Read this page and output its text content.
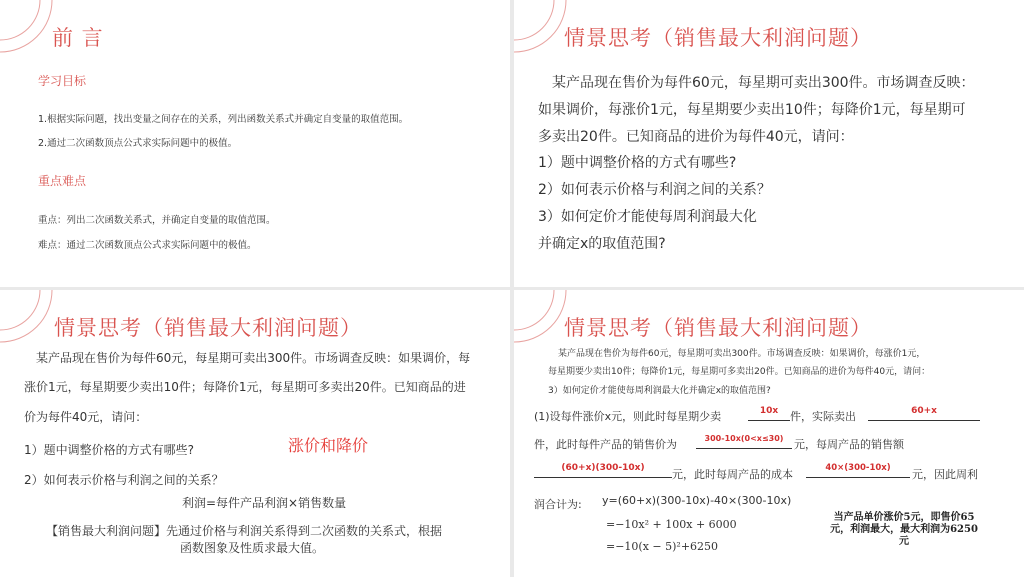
前 言
学习目标
1.根据实际问题，找出变量之间存在的关系，列出函数关系式并确定自变量的取值范围。
2.通过二次函数顶点公式求实际问题中的极值。
重点难点
重点：列出二次函数关系式，并确定自变量的取值范围。
难点：通过二次函数顶点公式求实际问题中的极值。
情景思考（销售最大利润问题）
某产品现在售价为每件60元，每星期可卖出300件。市场调查反映：
如果调价，每涨价1元，每星期要少卖出10件；每降价1元，每星期可
多卖出20件。已知商品的进价为每件40元，请问：
1）题中调整价格的方式有哪些?
2）如何表示价格与利润之间的关系？
3）如何定价才能使每周利润最大化
并确定x的取值范围?
情景思考（销售最大利润问题）
某产品现在售价为每件60元，每星期可卖出300件。市场调查反映：如果调价，每
涨价1元，每星期要少卖出10件；每降价1元，每星期可多卖出20件。已知商品的进
价为每件40元，请问：
1）题中调整价格的方式有哪些?	涨价和降价
2）如何表示价格与利润之间的关系？
利润=每件产品利润×销售数量
【销售最大利润问题】先通过价格与利润关系得到二次函数的关系式，根据
函数图象及性质求最大值。
情景思考（销售最大利润问题）
某产品现在售价为每件60元，每星期可卖出300件。市场调查反映：如果调价，每涨价1元，
每星期要少卖出10件；每降价1元，每星期可多卖出20件。已知商品的进价为每件40元，请问：
3）如何定价才能使每周利润最大化并确定x的取值范围?
(1)设每件涨价x元，则此时每星期少卖	10x	件，实际卖出	60+x
件，此时每件产品的销售价为	300-10x(0<x≤30) 元，每周产品的销售额
(60+x)(300-10x)	元，此时每周产品的成本	40×(300-10x)	元，因此周利
润合计为: y=(60+x)(300-10x)-40×(300-10x)
=−10x² + 100x + 6000
=−10(x − 5)²+6250
当产品单价涨价5元，即售价65元，利润最大，最大利润为6250元
